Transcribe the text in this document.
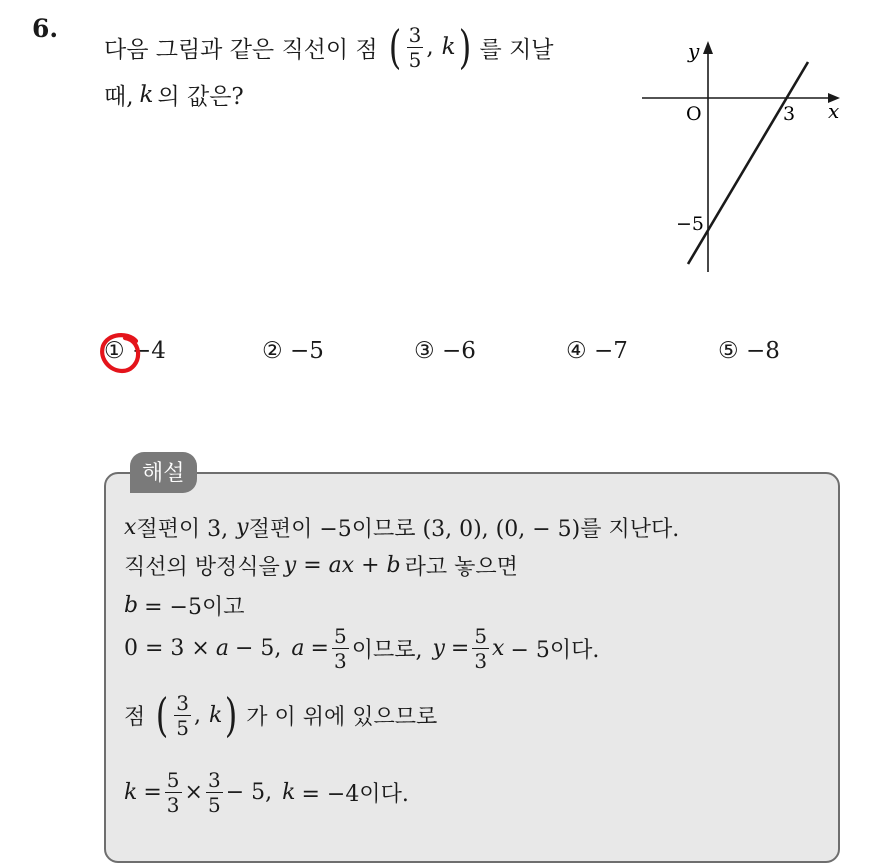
6.
다음 그림과 같은 직선이 점 ( $\frac{3}{5}$ , k ) 를 지날
때, k 의 값은?
y
x
O	3
−5
① −4	② −5	③ −6	④ −7	⑤ −8
해설
x 절편이 3, y 절편이 −5이므로 (3, 0), (0, − 5)를 지난다.
직선의 방정식을 y = ax + b 라고 놓으면
b = −5이고
0 = 3 × a − 5, $a = \frac{5}{3}$ 이므로, $y = \frac{5}{3}$ x − 5이다.
점 ( $\frac{3}{5}$ , k ) 가 이 위에 있으므로
$k = \frac{5}{3} \times \frac{3}{5} - 5$, k = −4이다.
